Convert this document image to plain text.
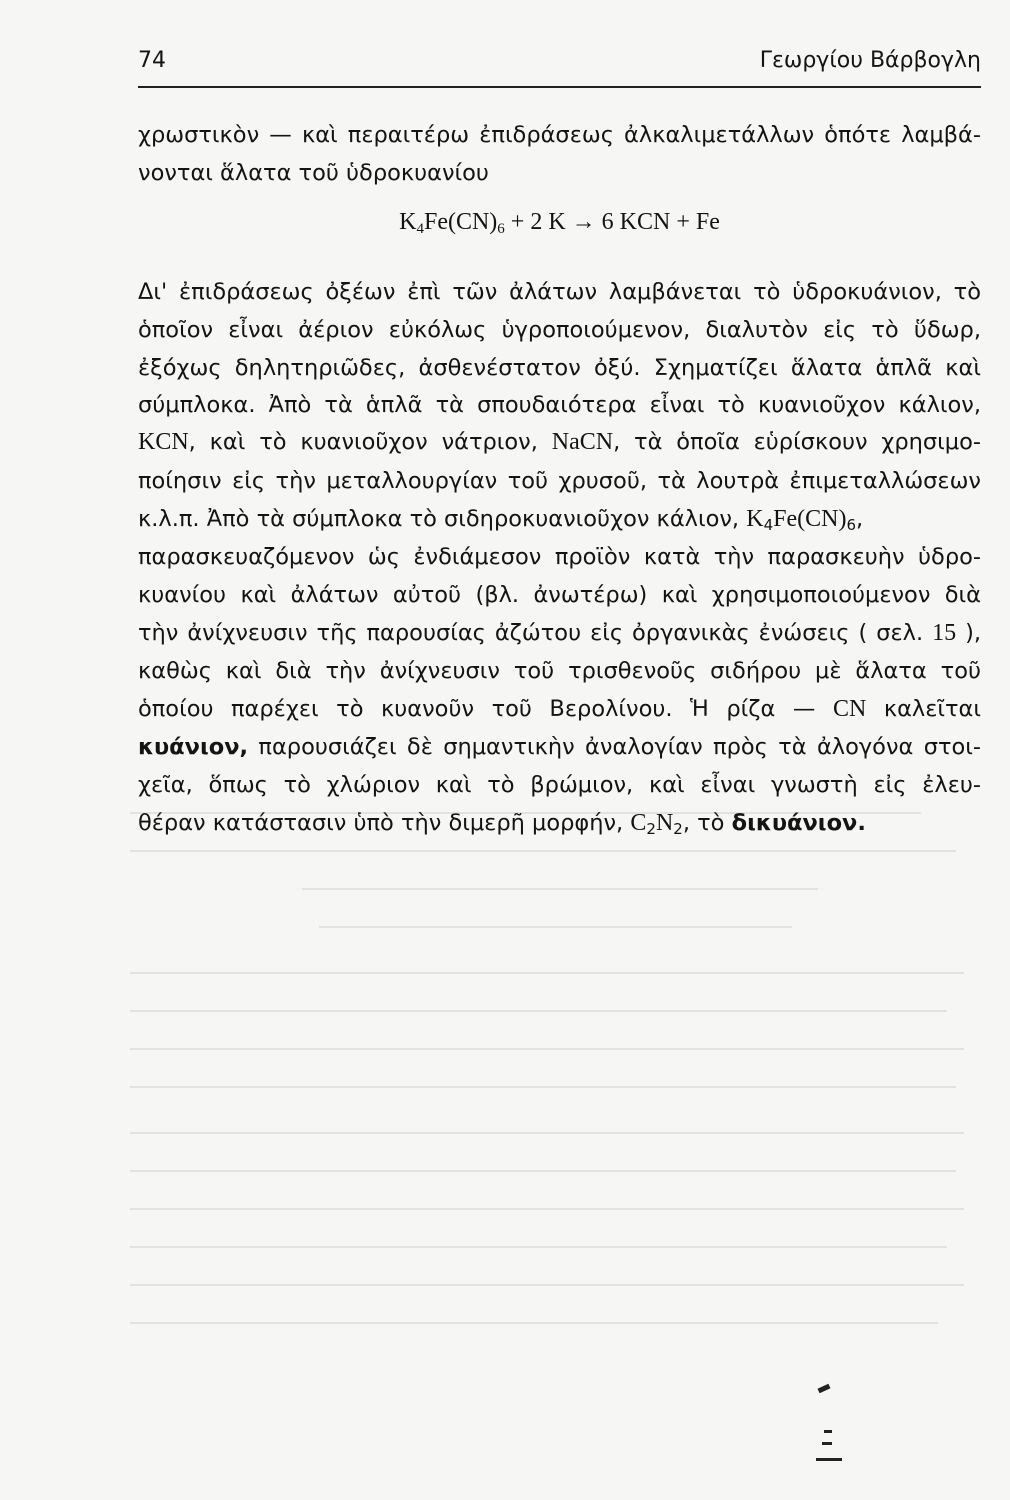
74	Γεωργίου Βάρβογλη
χρωστικὸν — καὶ περαιτέρω ἐπιδράσεως ἀλκαλιμετάλλων ὁπότε λαμβά-
νονται ἅλατα τοῦ ὑδροκυανίου
$K_4Fe(CN)_6 + 2$ K → 6 KCN + Fe
Δι' ἐπιδράσεως ὀξέων ἐπὶ τῶν ἀλάτων λαμβάνεται τὸ ὑδροκυάνιον, τὸ
ὁποῖον εἶναι ἀέριον εὐκόλως ὑγροποιούμενον, διαλυτὸν εἰς τὸ ὕδωρ,
ἐξόχως δηλητηριῶδες, ἀσθενέστατον ὀξύ. Σχηματίζει ἅλατα ἁπλᾶ καὶ
σύμπλοκα. Ἀπὸ τὰ ἁπλᾶ τὰ σπουδαιότερα εἶναι τὸ κυανιοῦχον κάλιον,
KCN, καὶ τὸ κυανιοῦχον νάτριον, NaCN, τὰ ὁποῖα εὑρίσκουν χρησιμο-
ποίησιν εἰς τὴν μεταλλουργίαν τοῦ χρυσοῦ, τὰ λουτρὰ ἐπιμεταλλώσεων
κ.λ.π. Ἀπὸ τὰ σύμπλοκα τὸ σιδηροκυανιοῦχον κάλιον, $K_4Fe(CN)_6$,
παρασκευαζόμενον ὡς ἐνδιάμεσον προϊὸν κατὰ τὴν παρασκευὴν ὑδρο-
κυανίου καὶ ἀλάτων αὐτοῦ (βλ. ἀνωτέρω) καὶ χρησιμοποιούμενον διὰ
τὴν ἀνίχνευσιν τῆς παρουσίας ἀζώτου εἰς ὀργανικὰς ἐνώσεις ( σελ. 15 ),
καθὼς καὶ διὰ τὴν ἀνίχνευσιν τοῦ τρισθενοῦς σιδήρου μὲ ἅλατα τοῦ
ὁποίου παρέχει τὸ κυανοῦν τοῦ Βερολίνου. Ἡ ρίζα — CN καλεῖται
κυάνιον, παρουσιάζει δὲ σημαντικὴν ἀναλογίαν πρὸς τὰ ἀλογόνα στοι-
χεῖα, ὅπως τὸ χλώριον καὶ τὸ βρώμιον, καὶ εἶναι γνωστὴ εἰς ἐλευ-
θέραν κατάστασιν ὑπὸ τὴν διμερῆ μορφήν, $C_2N_2$, τὸ δικυάνιον.
